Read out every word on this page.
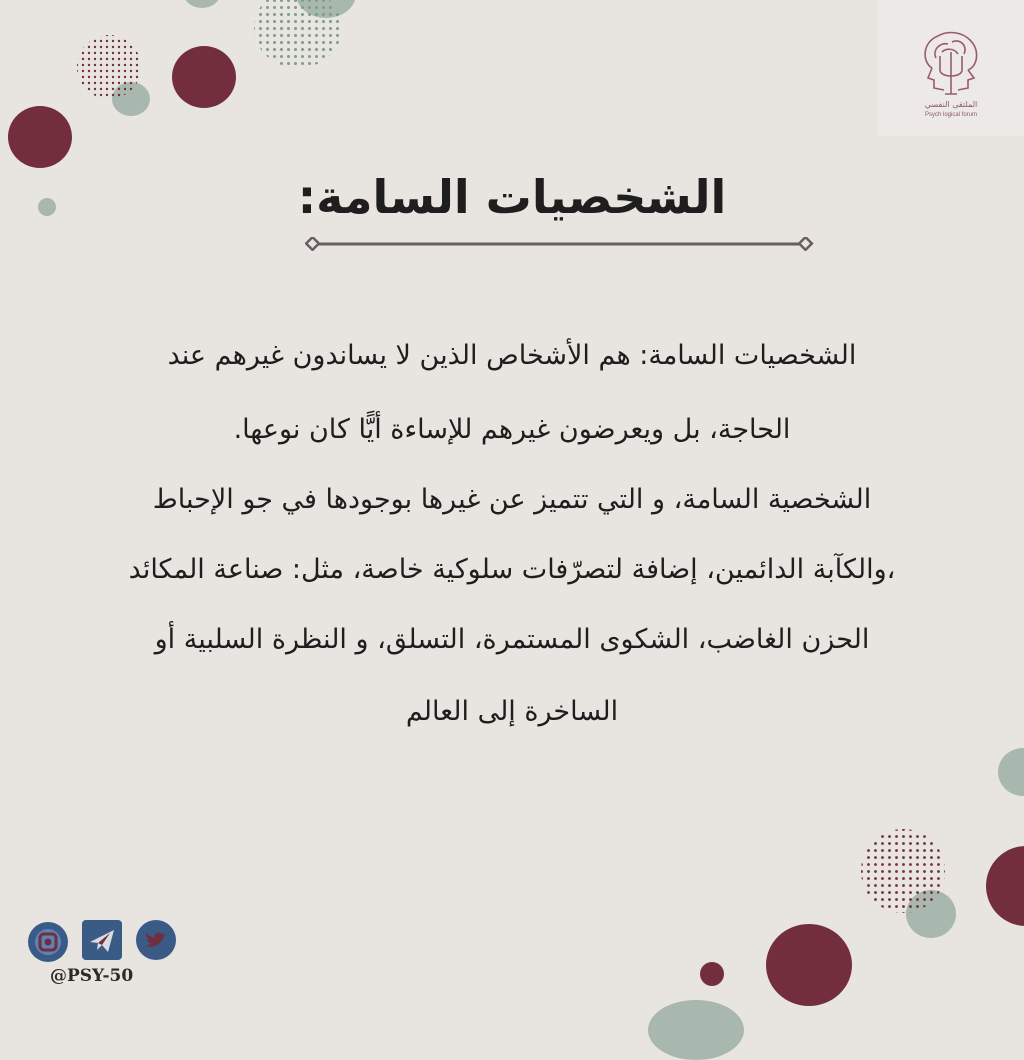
الملتقى النفسي
Psych logical forum
الشخصيات السامة:
الشخصيات السامة: هم الأشخاص الذين لا يساندون غيرهم عند
.الحاجة، بل ويعرضون غيرهم للإساءة أيًّا كان نوعها
الشخصية السامة، و التي تتميز عن غيرها بوجودها في جو الإحباط
والكآبة الدائمين، إضافة لتصرّفات سلوكية خاصة، مثل: صناعة المكائد،
الحزن الغاضب، الشكوى المستمرة، التسلق، و النظرة السلبية أو
الساخرة إلى العالم
@PSY-50
